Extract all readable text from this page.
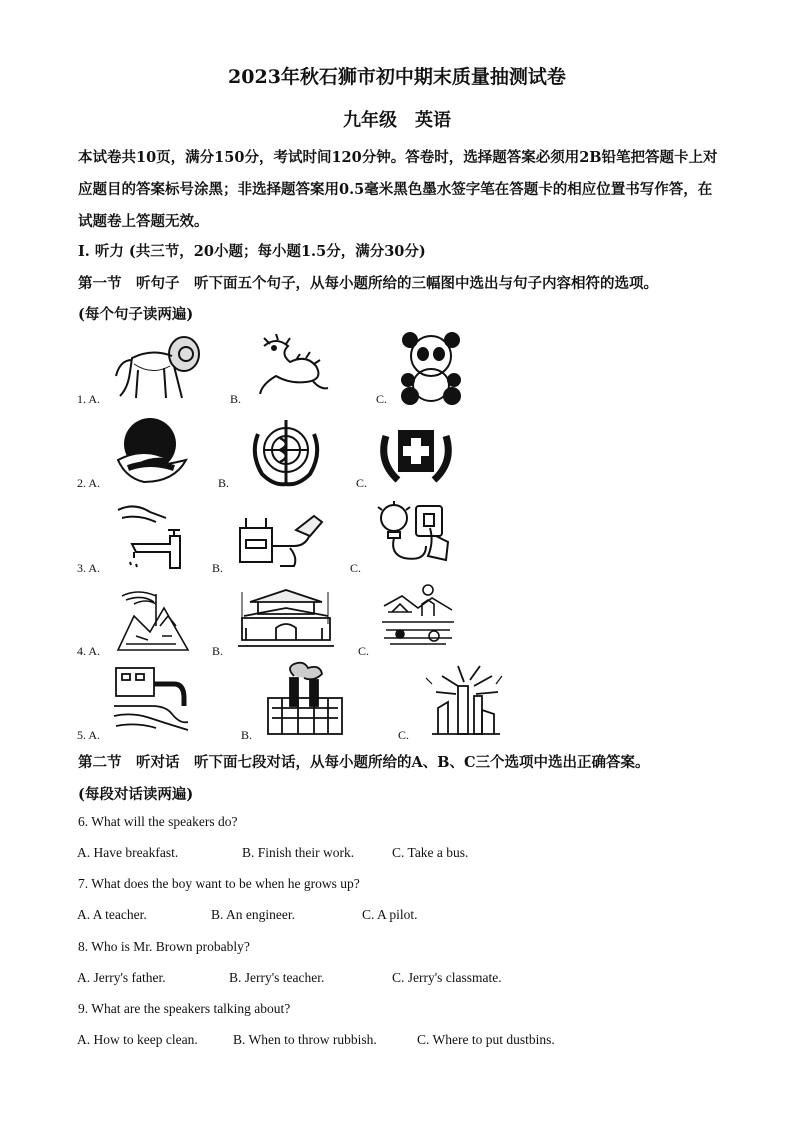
2023年秋石狮市初中期末质量抽测试卷
九年级　英语
本试卷共10页，满分150分，考试时间120分钟。答卷时，选择题答案必须用2B铅笔把答题卡上对应题目的答案标号涂黑；非选择题答案用0.5毫米黑色墨水签字笔在答题卡的相应位置书写作答，在试题卷上答题无效。
Ⅰ. 听力 (共三节，20小题；每小题1.5分，满分30分)
第一节　听句子　听下面五个句子，从每小题所给的三幅图中选出与句子内容相符的选项。
(每个句子读两遍)
1. A.	B.	C.
2. A.	B.	C.
3. A.	B.	C.
4. A.	B.	C.
5. A.	B.	C.
第二节　听对话　听下面七段对话，从每小题所给的A、B、C三个选项中选出正确答案。
(每段对话读两遍)
6. What will the speakers do?
A. Have breakfast.	B. Finish their work.	C. Take a bus.
7. What does the boy want to be when he grows up?
A. A teacher.	B. An engineer.	C. A pilot.
8. Who is Mr. Brown probably?
A. Jerry's father.	B. Jerry's teacher.	C. Jerry's classmate.
9. What are the speakers talking about?
A. How to keep clean.	B. When to throw rubbish.	C. Where to put dustbins.
